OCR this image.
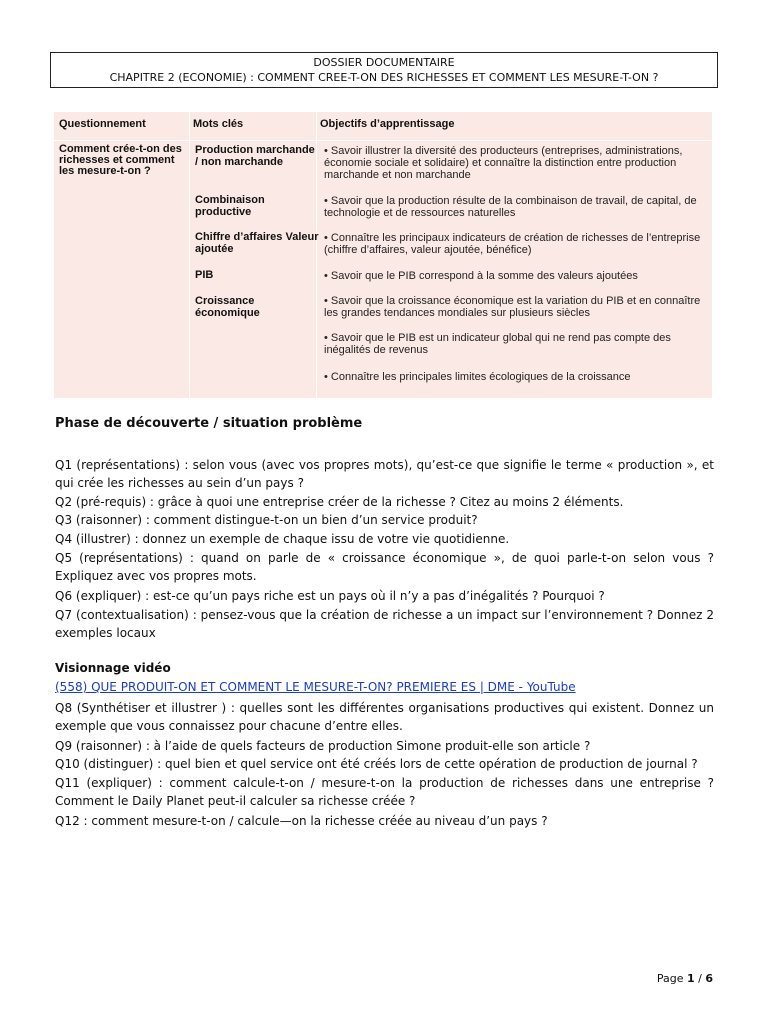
DOSSIER DOCUMENTAIRE
CHAPITRE 2 (ECONOMIE) : COMMENT CREE-T-ON DES RICHESSES ET COMMENT LES MESURE-T-ON ?
Questionnement	Mots clés	Objectifs d’apprentissage
Comment crée-t-on des richesses et comment les mesure-t-on ?
Production marchande / non marchande
Combinaison productive
Chiffre d’affaires Valeur ajoutée
PIB
Croissance économique
• Savoir illustrer la diversité des producteurs (entreprises, administrations, économie sociale et solidaire) et connaître la distinction entre production marchande et non marchande
• Savoir que la production résulte de la combinaison de travail, de capital, de technologie et de ressources naturelles
• Connaître les principaux indicateurs de création de richesses de l’entreprise (chiffre d’affaires, valeur ajoutée, bénéfice)
• Savoir que le PIB correspond à la somme des valeurs ajoutées
• Savoir que la croissance économique est la variation du PIB et en connaître les grandes tendances mondiales sur plusieurs siècles
• Savoir que le PIB est un indicateur global qui ne rend pas compte des inégalités de revenus
• Connaître les principales limites écologiques de la croissance
Phase de découverte / situation problème
Q1 (représentations) : selon vous (avec vos propres mots), qu’est-ce que signifie le terme « production », et qui crée les richesses au sein d’un pays ?
Q2 (pré-requis) : grâce à quoi une entreprise créer de la richesse ? Citez au moins 2 éléments.
Q3 (raisonner) : comment distingue-t-on un bien d’un service produit?
Q4 (illustrer) : donnez un exemple de chaque issu de votre vie quotidienne.
Q5 (représentations) : quand on parle de « croissance économique », de quoi parle-t-on selon vous ? Expliquez avec vos propres mots.
Q6 (expliquer) : est-ce qu’un pays riche est un pays où il n’y a pas d’inégalités ? Pourquoi ?
Q7 (contextualisation) : pensez-vous que la création de richesse a un impact sur l’environnement ? Donnez 2 exemples locaux
Visionnage vidéo
(558) QUE PRODUIT-ON ET COMMENT LE MESURE-T-ON? PREMIERE ES | DME - YouTube
Q8 (Synthétiser et illustrer ) : quelles sont les différentes organisations productives qui existent. Donnez un exemple que vous connaissez pour chacune d’entre elles.
Q9 (raisonner) : à l’aide de quels facteurs de production Simone produit-elle son article ?
Q10 (distinguer) : quel bien et quel service ont été créés lors de cette opération de production de journal ?
Q11 (expliquer) : comment calcule-t-on / mesure-t-on la production de richesses dans une entreprise ? Comment le Daily Planet peut-il calculer sa richesse créée ?
Q12 : comment mesure-t-on / calcule—on la richesse créée au niveau d’un pays ?
Page 1 / 6
